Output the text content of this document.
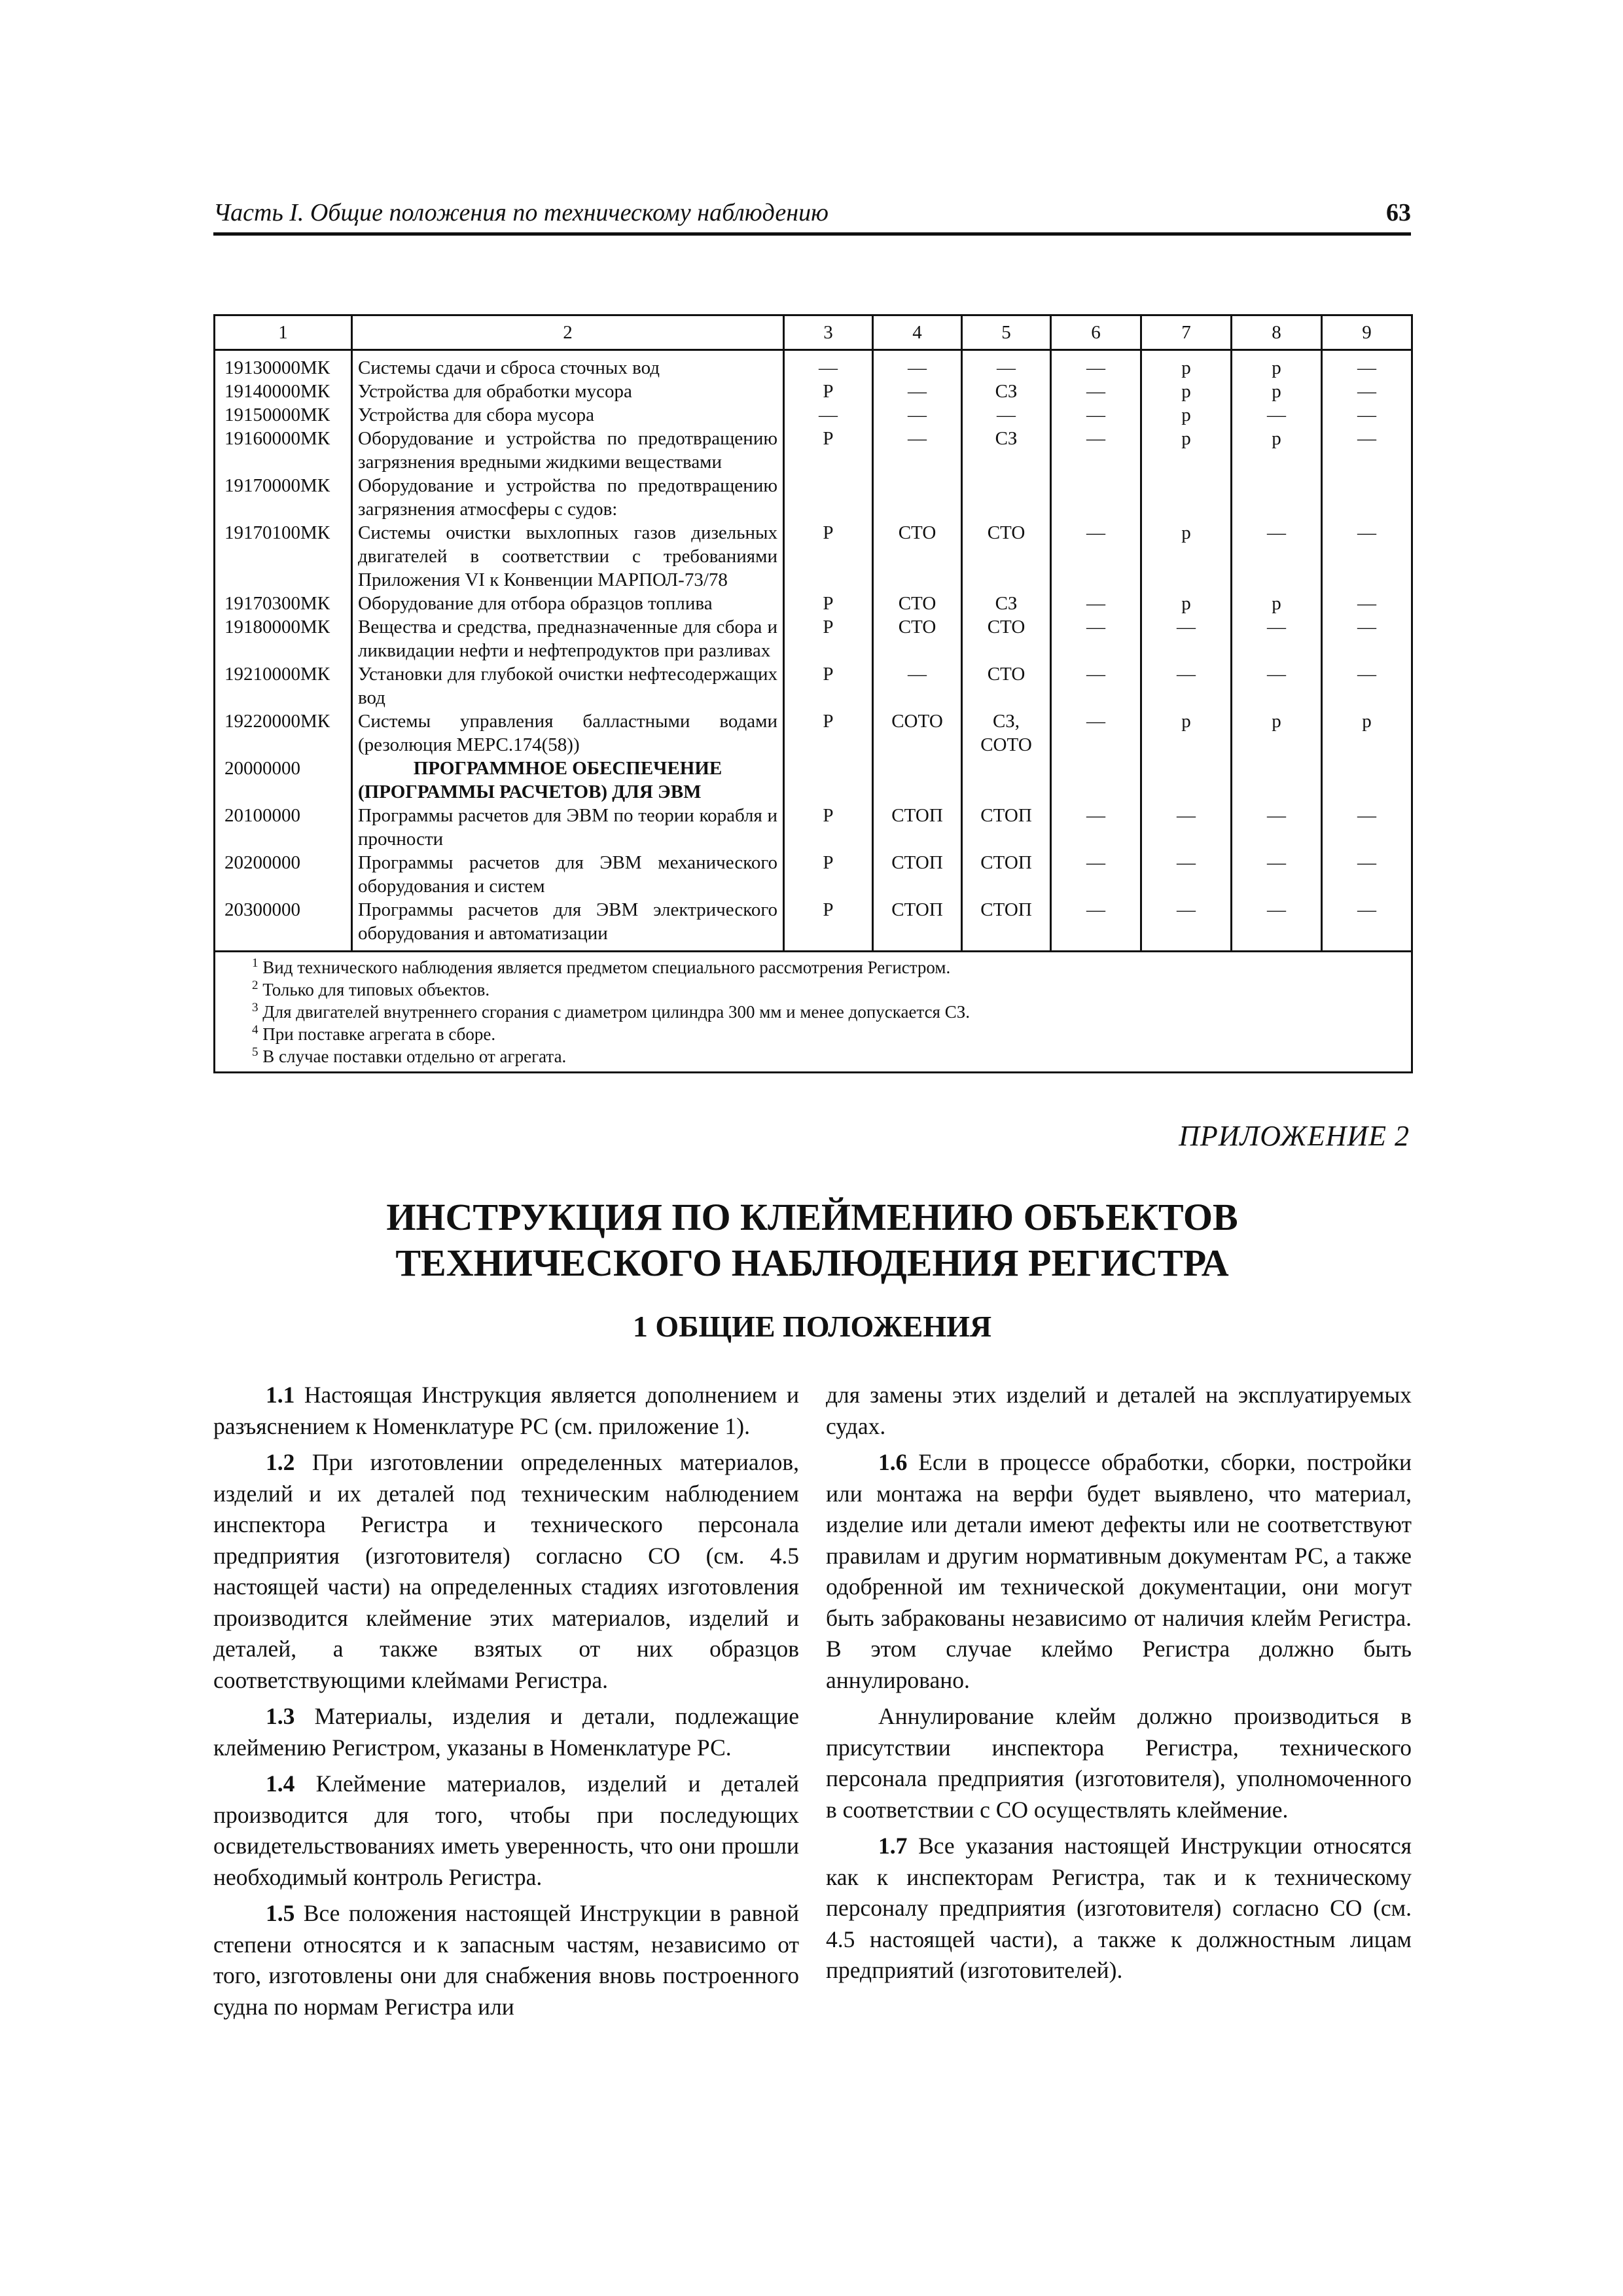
Часть I. Общие положения по техническому наблюдению	63
1	2	3	4	5	6	7	8	9
19130000МК	Системы сдачи и сброса сточных вод	—	—	—	—	р	р	—
19140000МК	Устройства для обработки мусора	Р	—	СЗ	—	р	р	—
19150000МК	Устройства для сбора мусора	—	—	—	—	р	—	—
19160000МК	Оборудование и устройства по предотвращению загрязнения вредными жидкими веществами	Р	—	СЗ	—	р	р	—
19170000МК	Оборудование и устройства по предотвращению загрязнения атмосферы с судов:							
19170100МК	Системы очистки выхлопных газов дизельных двигателей в соответствии с требованиями Приложения VI к Конвенции МАРПОЛ-73/78	Р	СТО	СТО	—	р	—	—
19170300МК	Оборудование для отбора образцов топлива	Р	СТО	СЗ	—	р	р	—
19180000МК	Вещества и средства, предназначенные для сбора и ликвидации нефти и нефтепродуктов при разливах	Р	СТО	СТО	—	—	—	—
19210000МК	Установки для глубокой очистки нефтесодержащих вод	Р	—	СТО	—	—	—	—
19220000МК	Системы управления балластными водами (резолюция МЕРС.174(58))	Р	СОТО	СЗ, СОТО	—	р	р	р
20000000	ПРОГРАММНОЕ ОБЕСПЕЧЕНИЕ (ПРОГРАММЫ РАСЧЕТОВ) ДЛЯ ЭВМ							
20100000	Программы расчетов для ЭВМ по теории корабля и прочности	Р	СТОП	СТОП	—	—	—	—
20200000	Программы расчетов для ЭВМ механического оборудования и систем	Р	СТОП	СТОП	—	—	—	—
20300000	Программы расчетов для ЭВМ электрического оборудования и автоматизации	Р	СТОП	СТОП	—	—	—	—

$^1$ Вид технического наблюдения является предметом специального рассмотрения Регистром.
$^2$ Только для типовых объектов.
$^3$ Для двигателей внутреннего сгорания с диаметром цилиндра 300 мм и менее допускается СЗ.
$^4$ При поставке агрегата в сборе.
$^5$ В случае поставки отдельно от агрегата.								
ПРИЛОЖЕНИЕ 2
ИНСТРУКЦИЯ ПО КЛЕЙМЕНИЮ ОБЪЕКТОВ
ТЕХНИЧЕСКОГО НАБЛЮДЕНИЯ РЕГИСТРА
1 ОБЩИЕ ПОЛОЖЕНИЯ

1.1 Настоящая Инструкция является дополнением и разъяснением к Номенклатуре РС (см. приложение 1).

1.2 При изготовлении определенных материалов, изделий и их деталей под техническим наблюдением инспектора Регистра и технического персонала предприятия (изготовителя) согласно СО (см. 4.5 настоящей части) на определенных стадиях изготовления производится клеймение этих материалов, изделий и деталей, а также взятых от них образцов соответствующими клеймами Регистра.

1.3 Материалы, изделия и детали, подлежащие клеймению Регистром, указаны в Номенклатуре РС.

1.4 Клеймение материалов, изделий и деталей производится для того, чтобы при последующих освидетельствованиях иметь уверенность, что они прошли необходимый контроль Регистра.

1.5 Все положения настоящей Инструкции в равной степени относятся и к запасным частям, независимо от того, изготовлены они для снабжения вновь построенного судна по нормам Регистра или

для замены этих изделий и деталей на эксплуатируемых судах.

1.6 Если в процессе обработки, сборки, постройки или монтажа на верфи будет выявлено, что материал, изделие или детали имеют дефекты или не соответствуют правилам и другим нормативным документам РС, а также одобренной им технической документации, они могут быть забракованы независимо от наличия клейм Регистра. В этом случае клеймо Регистра должно быть аннулировано.

Аннулирование клейм должно производиться в присутствии инспектора Регистра, технического персонала предприятия (изготовителя), уполномоченного в соответствии с СО осуществлять клеймение.

1.7 Все указания настоящей Инструкции относятся как к инспекторам Регистра, так и к техническому персоналу предприятия (изготовителя) согласно СО (см. 4.5 настоящей части), а также к должностным лицам предприятий (изготовителей).
